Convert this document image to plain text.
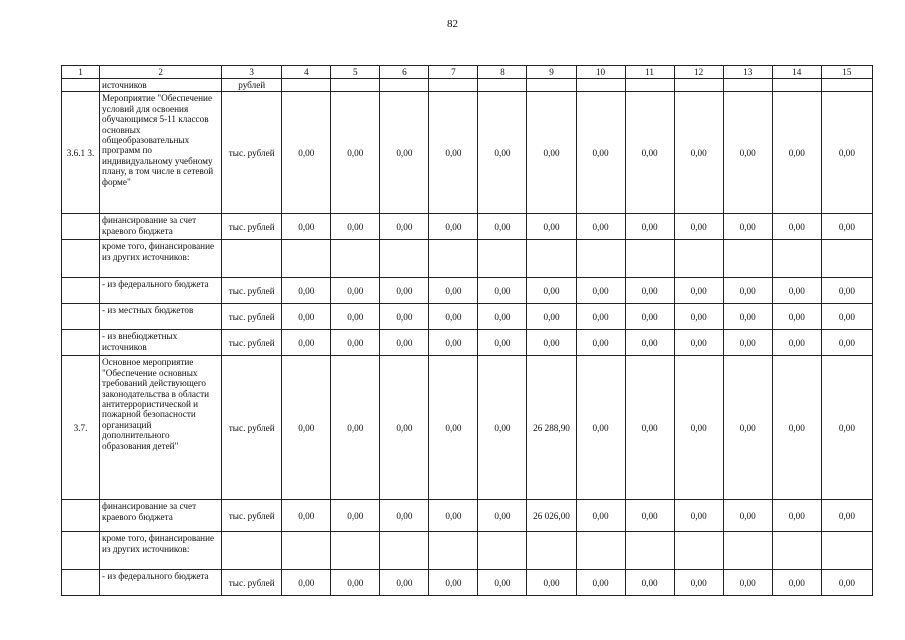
82
1	2	3	4	5	6	7	8	9	10	11	12	13	14	15
	источников	рублей												
3.6.1 3.	Мероприятие "Обеспечение условий для освоения обучающимся 5-11 классов основных общеобразовательных программ по индивидуальному учебному плану, в том числе в сетевой форме"	тыс. рублей	0,00	0,00	0,00	0,00	0,00	0,00	0,00	0,00	0,00	0,00	0,00	0,00
	финансирование за счет краевого бюджета	тыс. рублей	0,00	0,00	0,00	0,00	0,00	0,00	0,00	0,00	0,00	0,00	0,00	0,00
	кроме того, финансирование из других источников:													
	- из федерального бюджета	тыс. рублей	0,00	0,00	0,00	0,00	0,00	0,00	0,00	0,00	0,00	0,00	0,00	0,00
	- из местных бюджетов	тыс. рублей	0,00	0,00	0,00	0,00	0,00	0,00	0,00	0,00	0,00	0,00	0,00	0,00
	- из внебюджетных источников	тыс. рублей	0,00	0,00	0,00	0,00	0,00	0,00	0,00	0,00	0,00	0,00	0,00	0,00
3.7.	Основное мероприятие "Обеспечение основных требований действующего законодательства в области антитеррористической и пожарной безопасности организаций дополнительного образования детей"	тыс. рублей	0,00	0,00	0,00	0,00	0,00	26 288,90	0,00	0,00	0,00	0,00	0,00	0,00
	финансирование за счет краевого бюджета	тыс. рублей	0,00	0,00	0,00	0,00	0,00	26 026,00	0,00	0,00	0,00	0,00	0,00	0,00
	кроме того, финансирование из других источников:													
	- из федерального бюджета	тыс. рублей	0,00	0,00	0,00	0,00	0,00	0,00	0,00	0,00	0,00	0,00	0,00	0,00
